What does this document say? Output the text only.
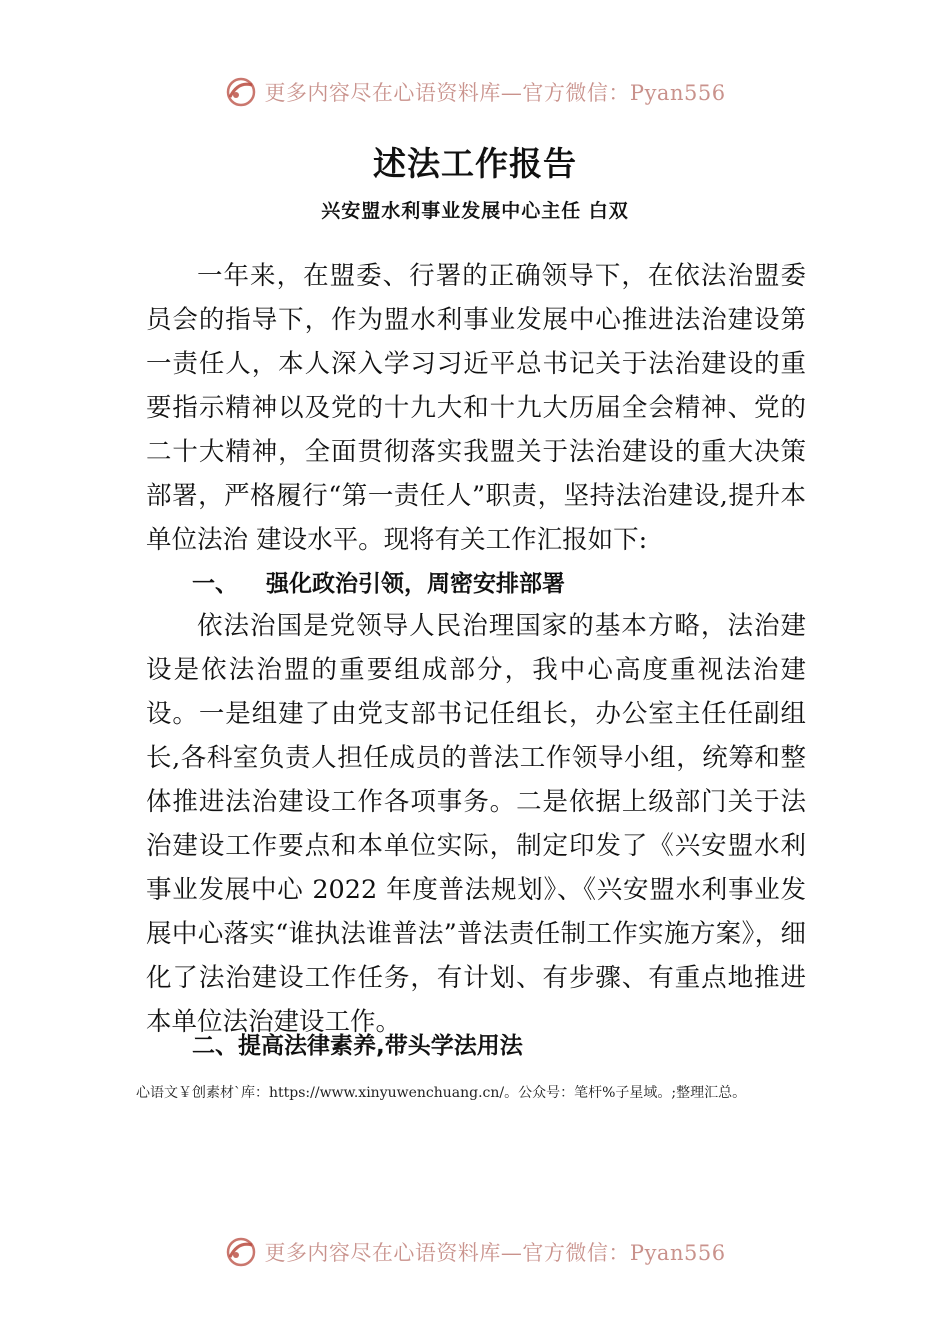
更多内容尽在心语资料库—官方微信：Pyan556
述法工作报告
兴安盟水利事业发展中心主任 白双

一年来，在盟委、行署的正确领导下，在依法治盟委员会的指导下，作为盟水利事业发展中心推进法治建设第一责任人，本人深入学习习近平总书记关于法治建设的重要指示精神以及党的十九大和十九大历届全会精神、党的二十大精神，全面贯彻落实我盟关于法治建设的重大决策部署，严格履行“第一责任人”职责，坚持法治建设,提升本单位法治 建设水平。现将有关工作汇报如下:

一、 强化政治引领，周密安排部署

依法治国是党领导人民治理国家的基本方略，法治建设是依法治盟的重要组成部分，我中心高度重视法治建设。一是组建了由党支部书记任组长，办公室主任任副组长,各科室负责人担任成员的普法工作领导小组，统筹和整体推进法治建设工作各项事务。二是依据上级部门关于法治建设工作要点和本单位实际，制定印发了《兴安盟水利事业发展中心 2022 年度普法规划》、《兴安盟水利事业发展中心落实“谁执法谁普法”普法责任制工作实施方案》，细化了法治建设工作任务，有计划、有步骤、有重点地推进本单位法治建设工作。

二、提高法律素养,带头学法用法

心语文￥创素材`库：https://www.xinyuwenchuang.cn/。公众号：笔杆%子星域。;整理汇总。

更多内容尽在心语资料库—官方微信：Pyan556
